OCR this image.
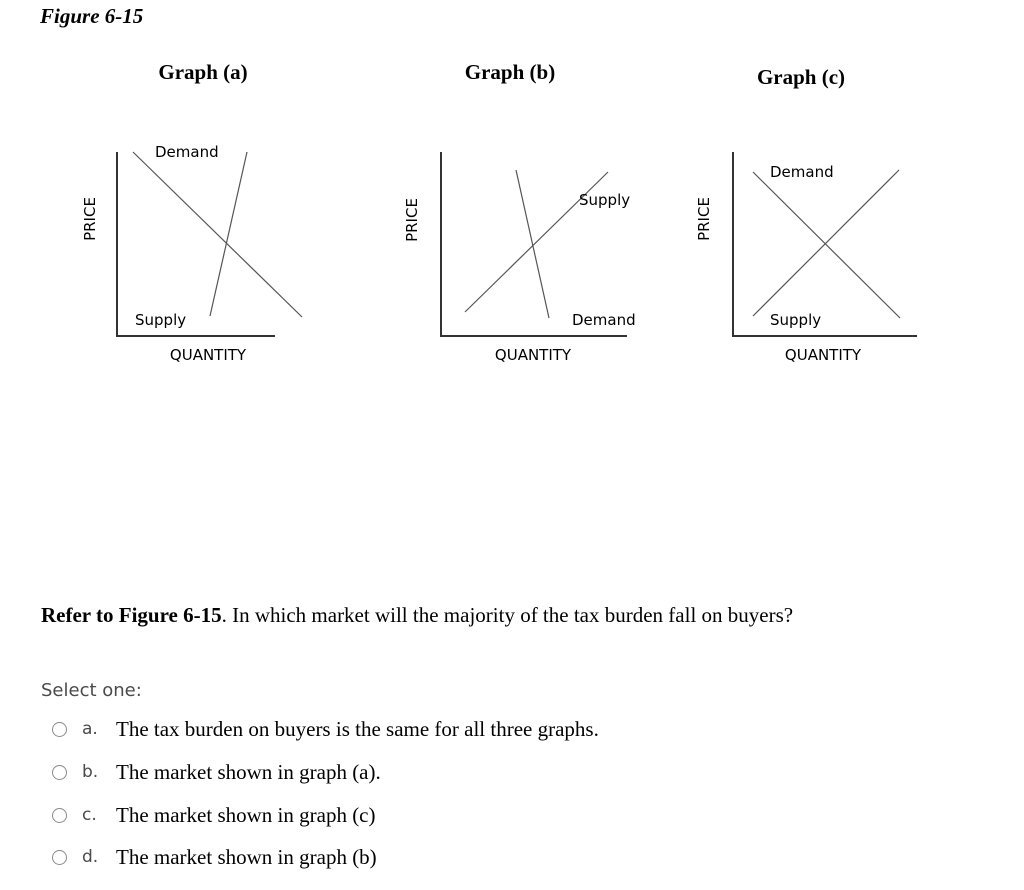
Figure 6-15
Graph (a)
Demand
Supply
QUANTITY
PRICE
Graph (b)
Supply
Demand
QUANTITY
PRICE
Graph (c)
Demand
Supply
QUANTITY
PRICE
Refer to Figure 6-15. In which market will the majority of the tax burden fall on buyers?
Select one:
a. The tax burden on buyers is the same for all three graphs.
b. The market shown in graph (a).
c. The market shown in graph (c)
d. The market shown in graph (b)
